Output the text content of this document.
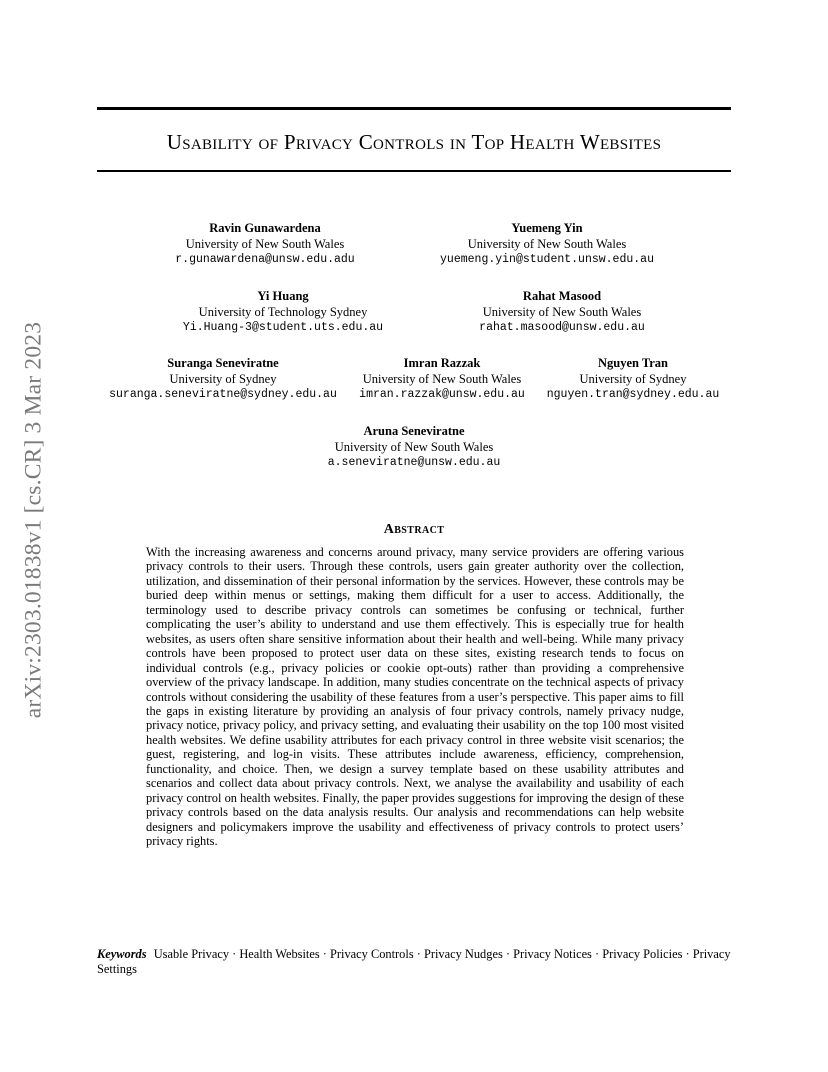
arXiv:2303.01838v1 [cs.CR] 3 Mar 2023
Usability of Privacy Controls in Top Health Websites
Ravin Gunawardena
University of New South Wales
r.gunawardena@unsw.edu.adu
Yuemeng Yin
University of New South Wales
yuemeng.yin@student.unsw.edu.au
Yi Huang
University of Technology Sydney
Yi.Huang-3@student.uts.edu.au
Rahat Masood
University of New South Wales
rahat.masood@unsw.edu.au
Suranga Seneviratne
University of Sydney
suranga.seneviratne@sydney.edu.au
Imran Razzak
University of New South Wales
imran.razzak@unsw.edu.au
Nguyen Tran
University of Sydney
nguyen.tran@sydney.edu.au
Aruna Seneviratne
University of New South Wales
a.seneviratne@unsw.edu.au
Abstract
With the increasing awareness and concerns around privacy, many service providers are offering various privacy controls to their users. Through these controls, users gain greater authority over the collection, utilization, and dissemination of their personal information by the services. However, these controls may be buried deep within menus or settings, making them difficult for a user to access. Additionally, the terminology used to describe privacy controls can sometimes be confusing or technical, further complicating the user’s ability to understand and use them effectively. This is especially true for health websites, as users often share sensitive information about their health and well-being. While many privacy controls have been proposed to protect user data on these sites, existing research tends to focus on individual controls (e.g., privacy policies or cookie opt-outs) rather than providing a comprehensive overview of the privacy landscape. In addition, many studies concentrate on the technical aspects of privacy controls without considering the usability of these features from a user’s perspective. This paper aims to fill the gaps in existing literature by providing an analysis of four privacy controls, namely privacy nudge, privacy notice, privacy policy, and privacy setting, and evaluating their usability on the top 100 most visited health websites. We define usability attributes for each privacy control in three website visit scenarios; the guest, registering, and log-in visits. These attributes include awareness, efficiency, comprehension, functionality, and choice. Then, we design a survey template based on these usability attributes and scenarios and collect data about privacy controls. Next, we analyse the availability and usability of each privacy control on health websites. Finally, the paper provides suggestions for improving the design of these privacy controls based on the data analysis results. Our analysis and recommendations can help website designers and policymakers improve the usability and effectiveness of privacy controls to protect users’ privacy rights.
Keywords Usable Privacy · Health Websites · Privacy Controls · Privacy Nudges · Privacy Notices · Privacy Policies · Privacy Settings
